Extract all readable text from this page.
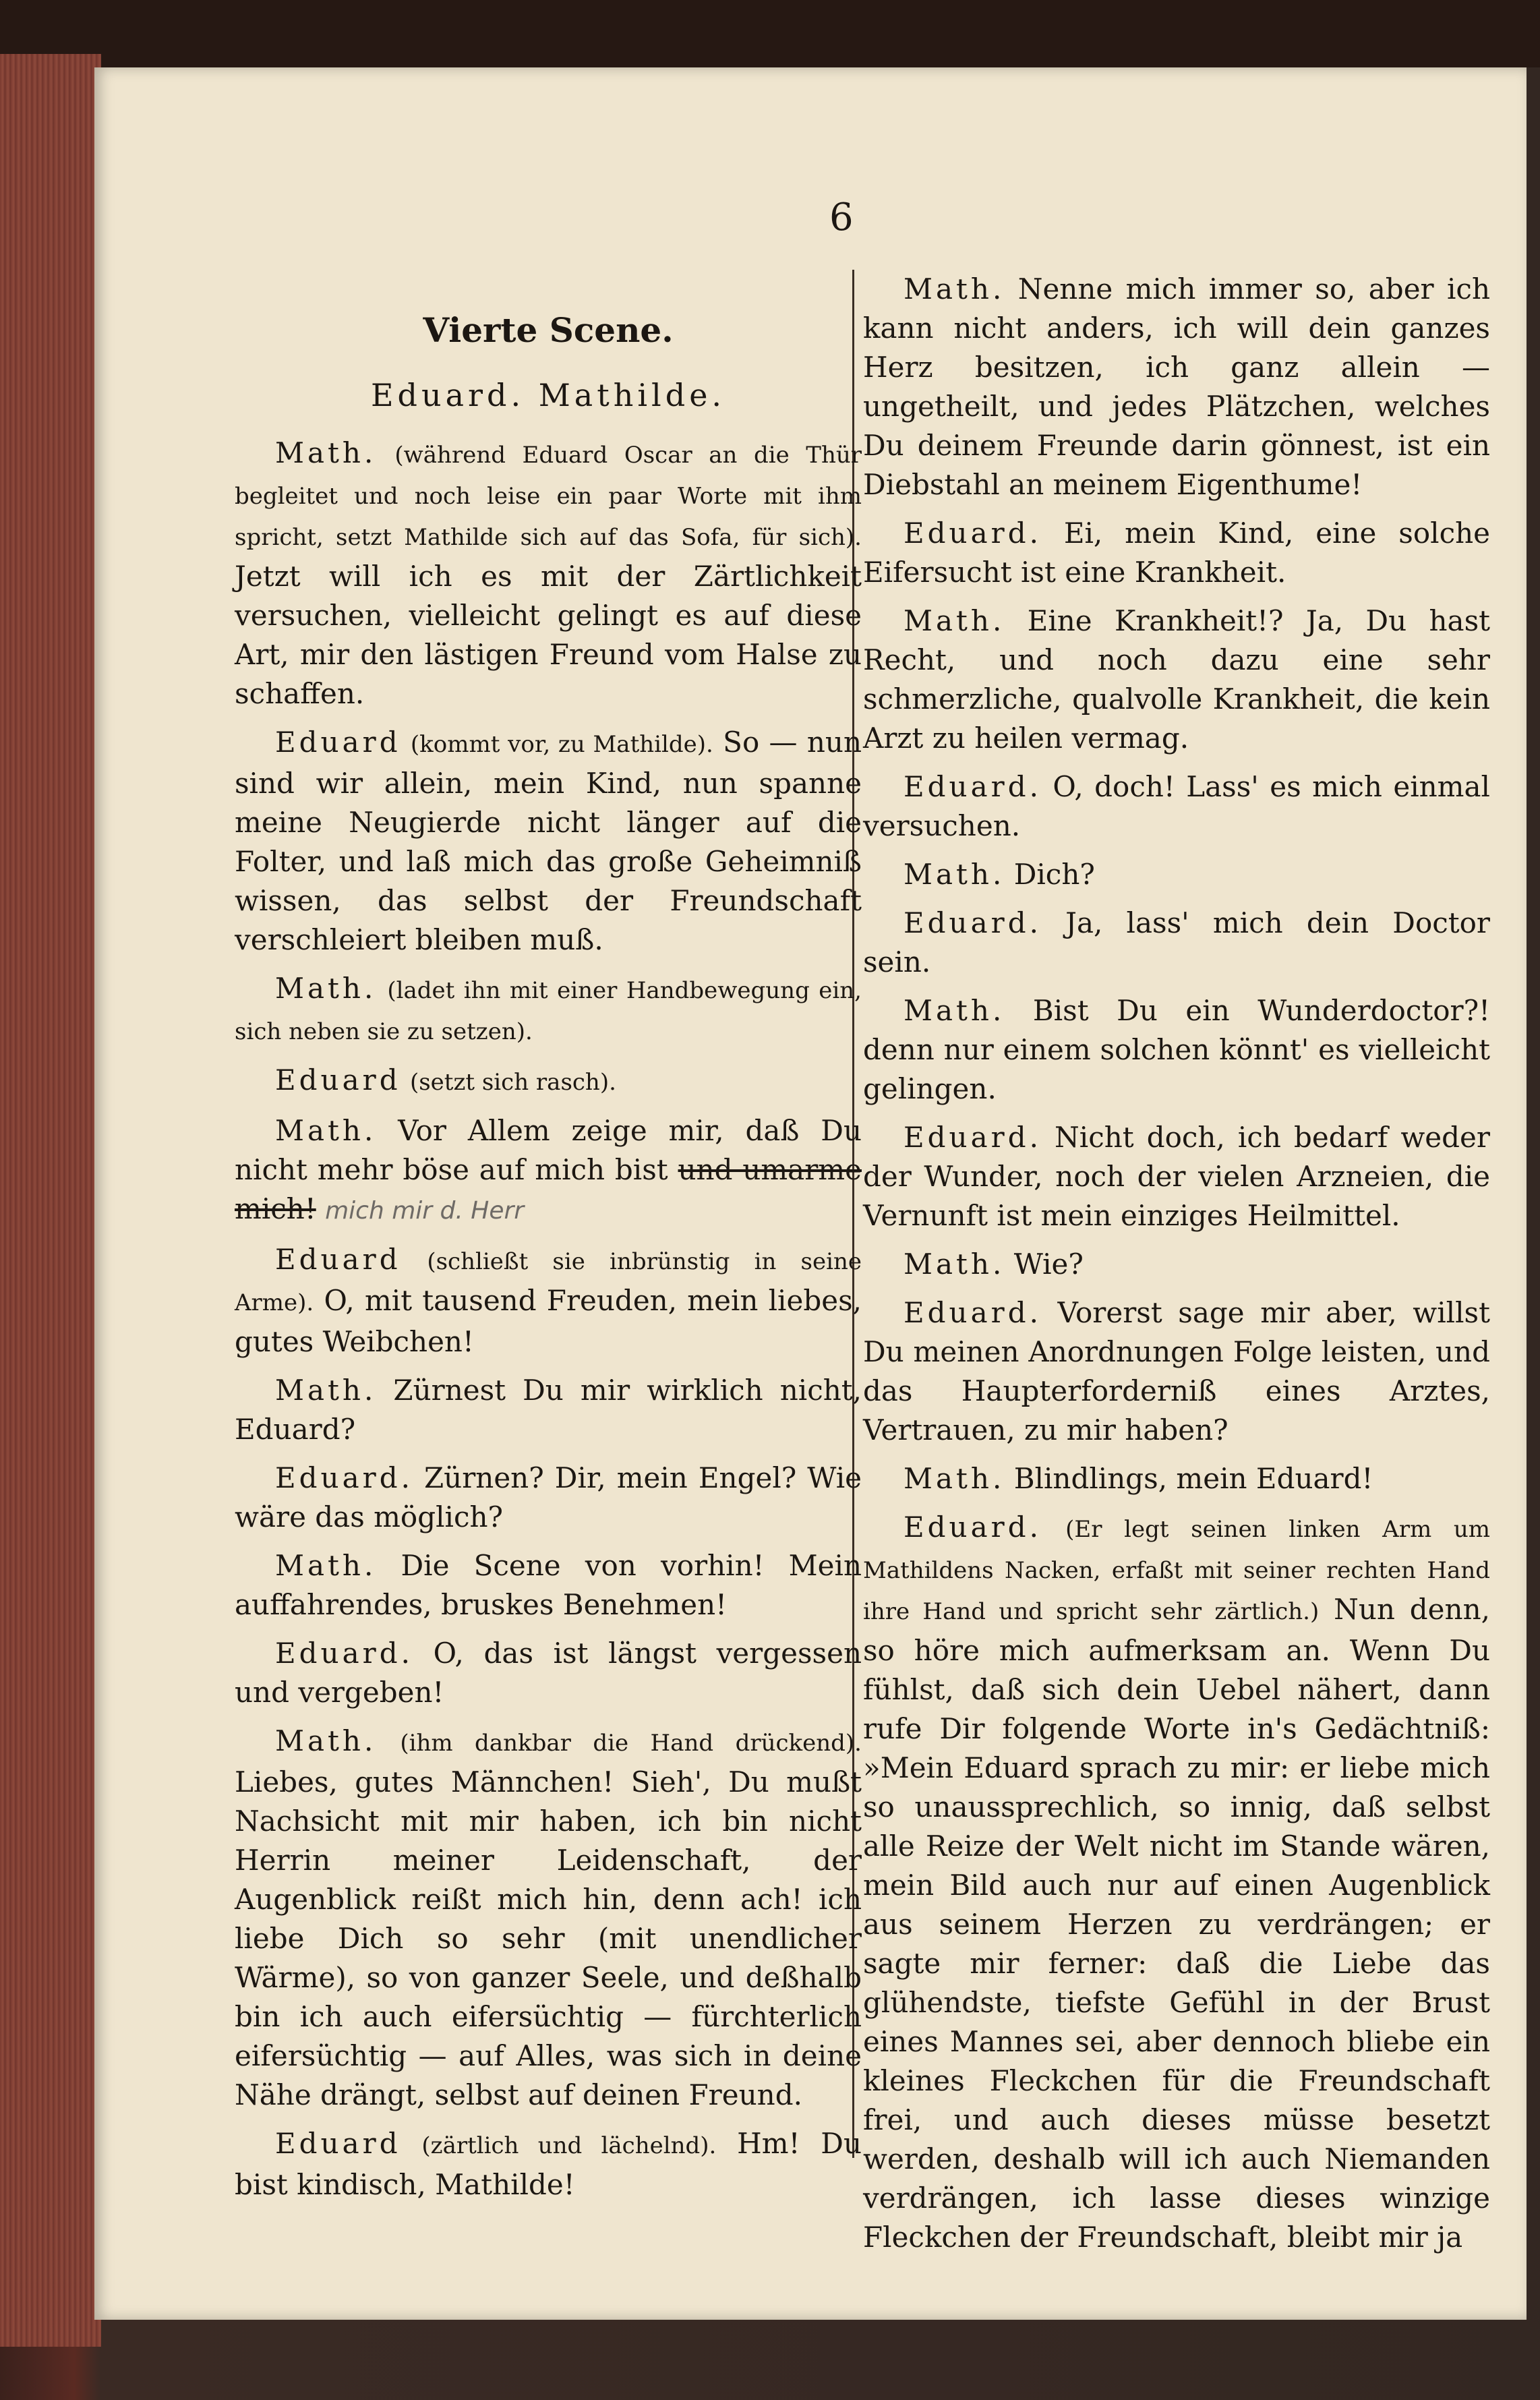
6
Vierte Scene.
Eduard. Mathilde.

Math. (während Eduard Oscar an die Thür begleitet und noch leise ein paar Worte mit ihm spricht, setzt Mathilde sich auf das Sofa, für sich). Jetzt will ich es mit der Zärtlichkeit versuchen, vielleicht gelingt es auf diese Art, mir den lästigen Freund vom Halse zu schaffen.

Eduard (kommt vor, zu Mathilde). So — nun sind wir allein, mein Kind, nun spanne meine Neugierde nicht länger auf die Folter, und laß mich das große Geheimniß wissen, das selbst der Freundschaft verschleiert bleiben muß.

Math. (ladet ihn mit einer Handbewegung ein, sich neben sie zu setzen).

Eduard (setzt sich rasch).

Math. Vor Allem zeige mir, daß Du nicht mehr böse auf mich bist und umarme mich! mich mir d. Herr

Eduard (schließt sie inbrünstig in seine Arme). O, mit tausend Freuden, mein liebes, gutes Weibchen!

Math. Zürnest Du mir wirklich nicht, Eduard?

Eduard. Zürnen? Dir, mein Engel? Wie wäre das möglich?

Math. Die Scene von vorhin! Mein auffahrendes, bruskes Benehmen!

Eduard. O, das ist längst vergessen und vergeben!

Math. (ihm dankbar die Hand drückend). Liebes, gutes Männchen! Sieh', Du mußt Nachsicht mit mir haben, ich bin nicht Herrin meiner Leidenschaft, der Augenblick reißt mich hin, denn ach! ich liebe Dich so sehr (mit unendlicher Wärme), so von ganzer Seele, und deßhalb bin ich auch eifersüchtig — fürchterlich eifersüchtig — auf Alles, was sich in deine Nähe drängt, selbst auf deinen Freund.

Eduard (zärtlich und lächelnd). Hm! Du bist kindisch, Mathilde!

Math. Nenne mich immer so, aber ich kann nicht anders, ich will dein ganzes Herz besitzen, ich ganz allein — ungetheilt, und jedes Plätzchen, welches Du deinem Freunde darin gönnest, ist ein Diebstahl an meinem Eigenthume!

Eduard. Ei, mein Kind, eine solche Eifersucht ist eine Krankheit.

Math. Eine Krankheit!? Ja, Du hast Recht, und noch dazu eine sehr schmerzliche, qualvolle Krankheit, die kein Arzt zu heilen vermag.

Eduard. O, doch! Lass' es mich einmal versuchen.

Math. Dich?

Eduard. Ja, lass' mich dein Doctor sein.

Math. Bist Du ein Wunderdoctor?! denn nur einem solchen könnt' es vielleicht gelingen.

Eduard. Nicht doch, ich bedarf weder der Wunder, noch der vielen Arzneien, die Vernunft ist mein einziges Heilmittel.

Math. Wie?

Eduard. Vorerst sage mir aber, willst Du meinen Anordnungen Folge leisten, und das Haupterforderniß eines Arztes, Vertrauen, zu mir haben?

Math. Blindlings, mein Eduard!

Eduard. (Er legt seinen linken Arm um Mathildens Nacken, erfaßt mit seiner rechten Hand ihre Hand und spricht sehr zärtlich.) Nun denn, so höre mich aufmerksam an. Wenn Du fühlst, daß sich dein Uebel nähert, dann rufe Dir folgende Worte in's Gedächtniß: »Mein Eduard sprach zu mir: er liebe mich so unaussprechlich, so innig, daß selbst alle Reize der Welt nicht im Stande wären, mein Bild auch nur auf einen Augenblick aus seinem Herzen zu verdrängen; er sagte mir ferner: daß die Liebe das glühendste, tiefste Gefühl in der Brust eines Mannes sei, aber dennoch bliebe ein kleines Fleckchen für die Freundschaft frei, und auch dieses müsse besetzt werden, deshalb will ich auch Niemanden verdrängen, ich lasse dieses winzige Fleckchen der Freundschaft, bleibt mir ja
